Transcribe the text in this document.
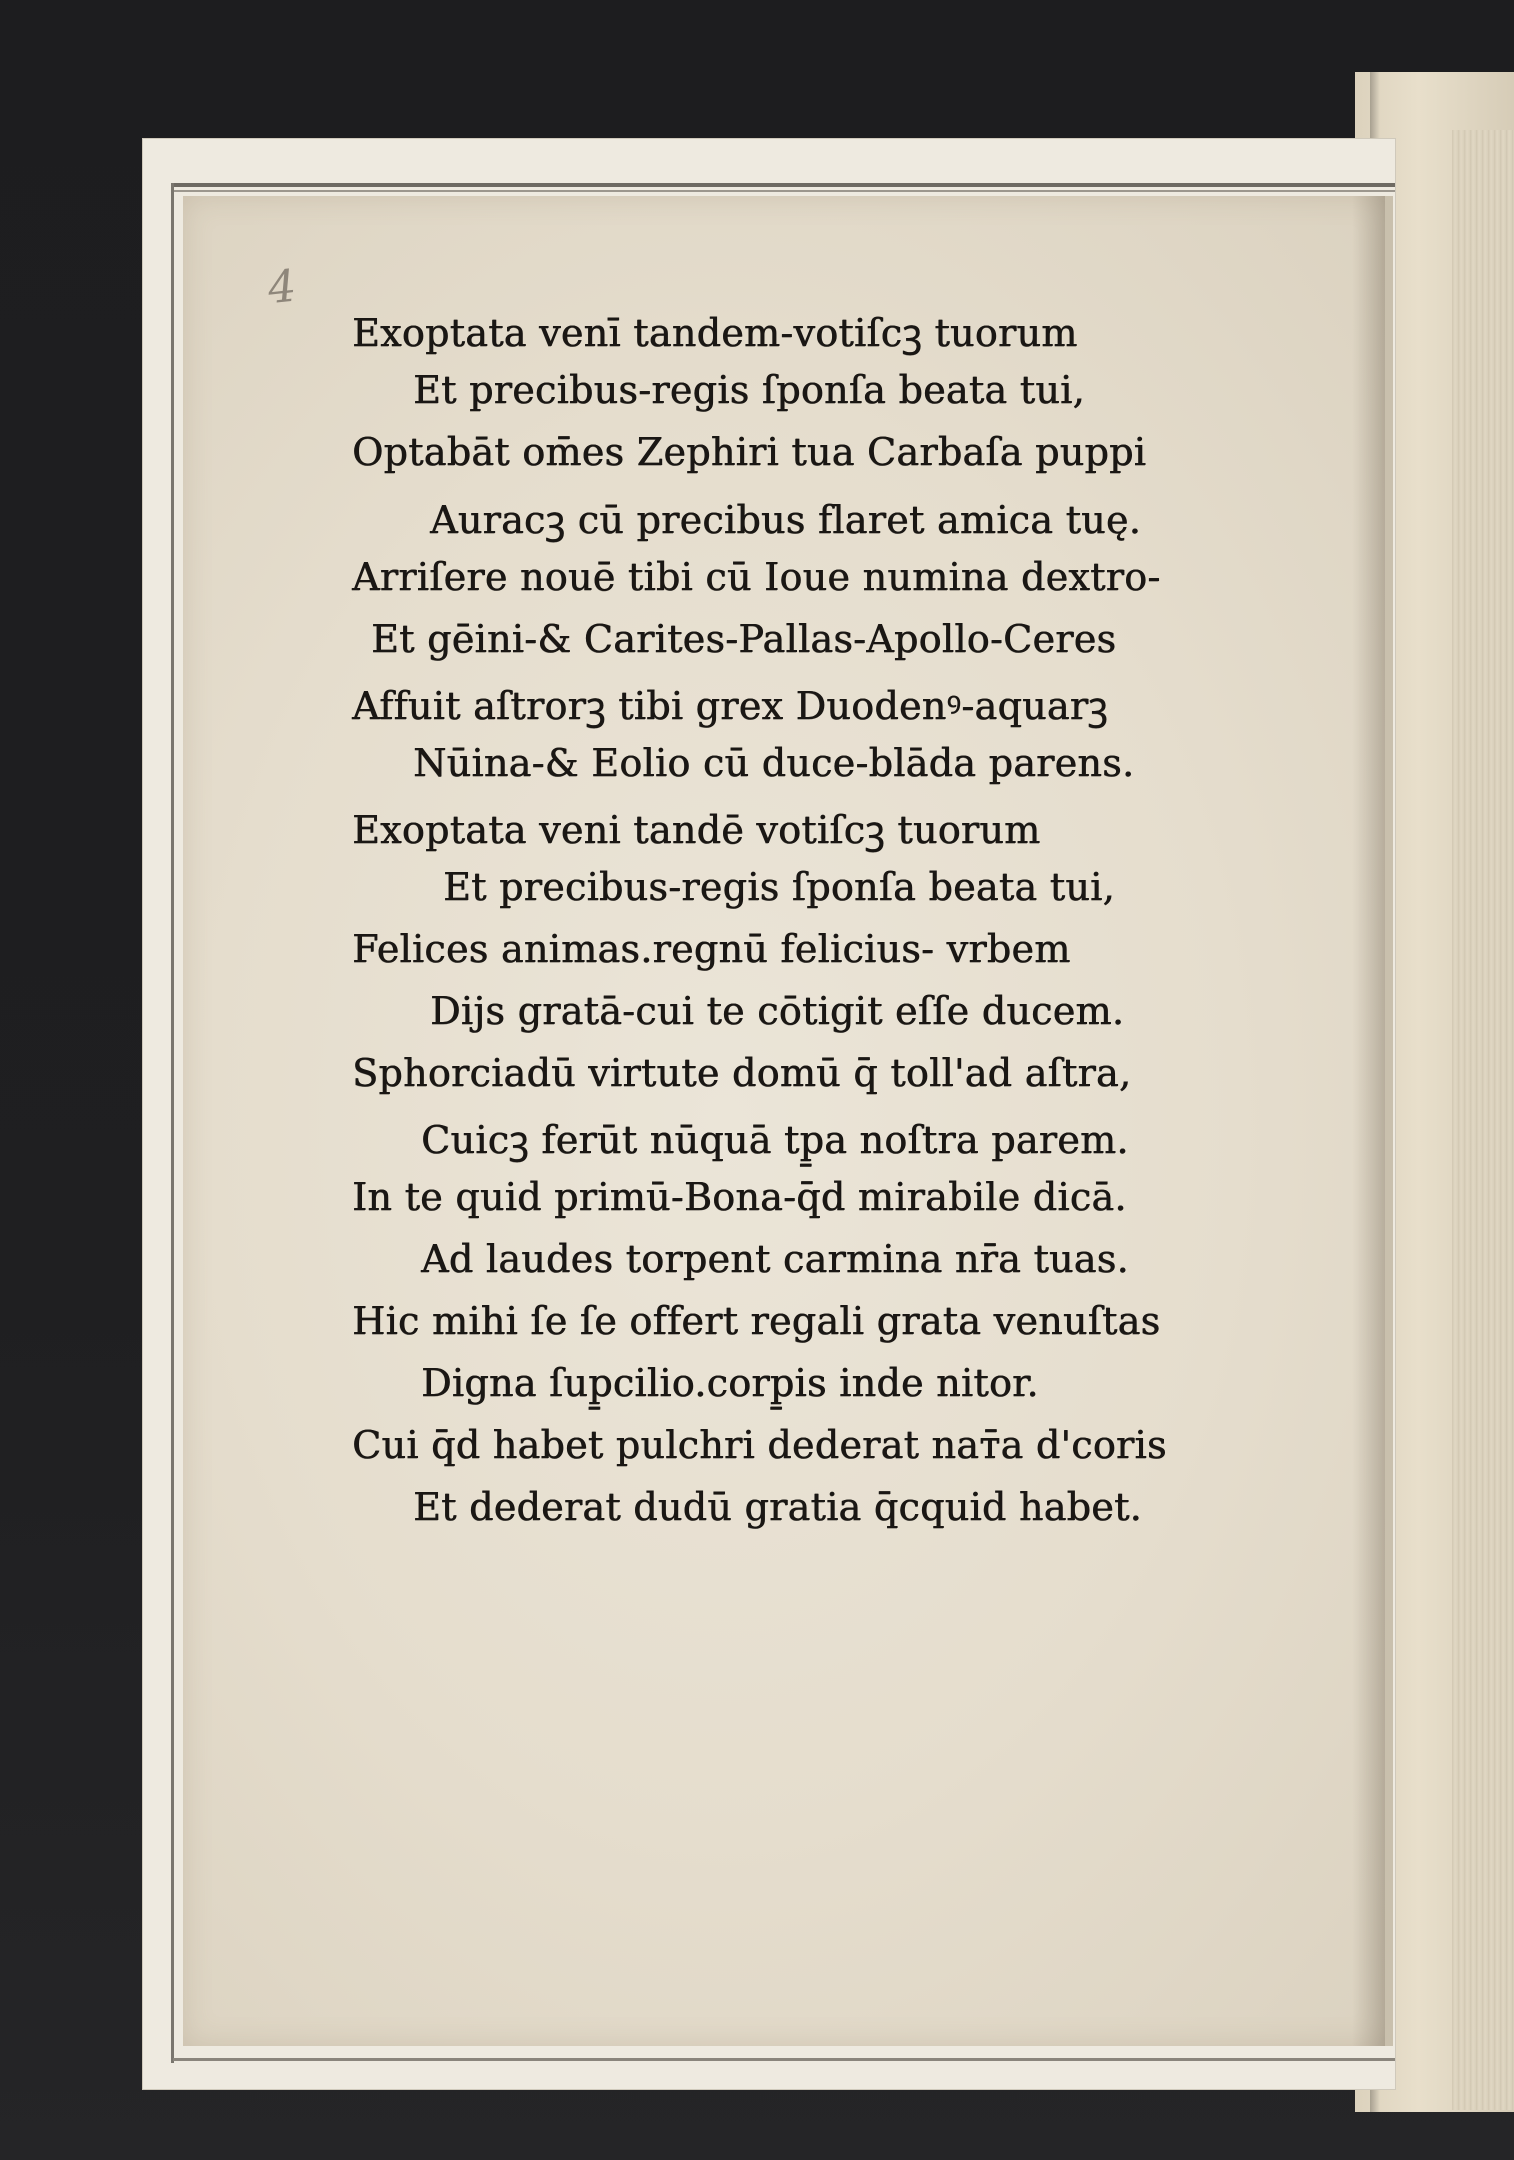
4
Exoptata venī tandem-votiſcꝫ tuorum
Et precibus-regis ſponſa beata tui,
Optabāt om̄es Zephiri tua Carbaſa puppi
Auracꝫ cū precibus flaret amica tuę.
Arriſere nouē tibi cū Ioue numina dextro-
Et gēini-& Carites-Pallas-Apollo-Ceres
Affuit aſtrorꝫ tibi grex Duodenꝰ-aquarꝫ
Nūina-& Eolio cū duce-blāda parens.
Exoptata veni tandē votiſcꝫ tuorum
Et precibus-regis ſponſa beata tui,
Felices animas.regnū felicius- vrbem
Dijs gratā-cui te cōtigit eſſe ducem.
Sphorciadū virtute domū q̄ toll'ad aſtra,
Cuicꝫ ferūt nūquā tp̱a noſtra parem.
In te quid primū-Bona-q̄d mirabile dicā.
Ad laudes torpent carmina nr̄a tuas.
Hic mihi ſe ſe offert regali grata venuſtas
Digna ſup̱cilio.corp̱is inde nitor.
Cui q̄d habet pulchri dederat naт̄a d'coris
Et dederat dudū gratia q̄cquid habet.
